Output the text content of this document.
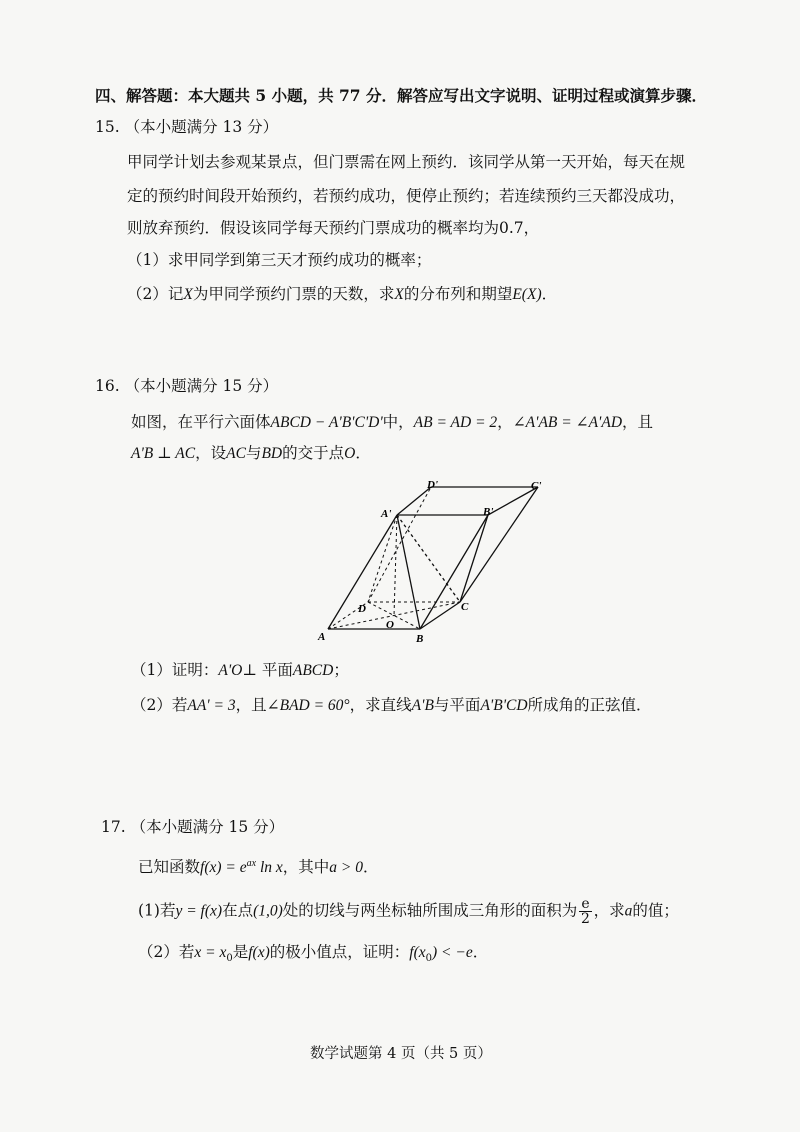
四、解答题：本大题共 5 小题，共 77 分．解答应写出文字说明、证明过程或演算步骤．
15. （本小题满分 13 分）
甲同学计划去参观某景点，但门票需在网上预约．该同学从第一天开始，每天在规
定的预约时间段开始预约，若预约成功，便停止预约；若连续预约三天都没成功，
则放弃预约．假设该同学每天预约门票成功的概率均为0.7，
（1）求甲同学到第三天才预约成功的概率；
（2）记X为甲同学预约门票的天数，求X的分布列和期望E(X)．
16. （本小题满分 15 分）
如图，在平行六面体ABCD − A'B'C'D'中，AB = AD = 2，∠A'AB = ∠A'AD，且
A'B ⊥ AC，设AC与BD的交于点O．
A	B
C
D
O
A'	B'
C'
D'
（1）证明：A'O⊥ 平面ABCD；
（2）若AA' = 3，且∠BAD = 60°，求直线A'B与平面A'B'CD所成角的正弦值．
17. （本小题满分 15 分）
已知函数$f(x) = e^{ax}$ ln x，其中a > 0．
(1)若y = f(x)在点(1,0)处的切线与两坐标轴所围成三角形的面积为 $\frac{e}{2}$ ，求a的值；
（2）若$x = x_0$是f(x)的极小值点，证明：$f(x_0) < -e$．
数学试题第 4 页（共 5 页）
